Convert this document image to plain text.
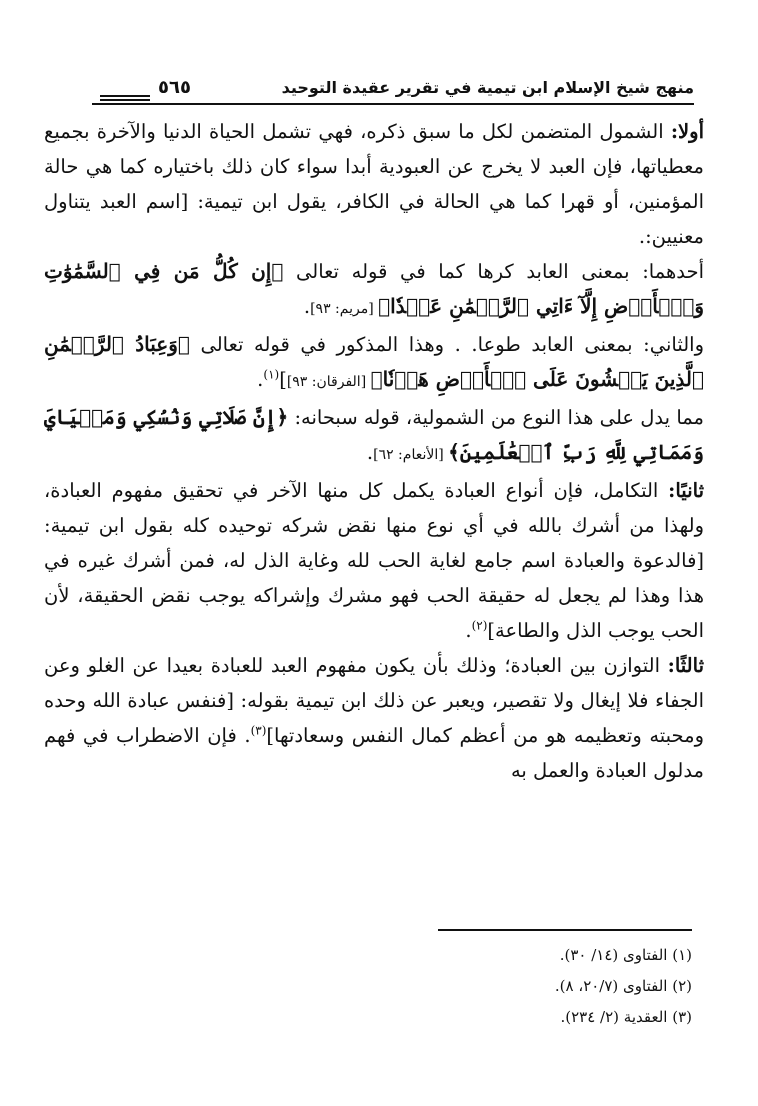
منهج شيخ الإسلام ابن تيمية في تقرير عقيدة التوحيد
٥٦٥

أولا: الشمول المتضمن لكل ما سبق ذكره، فهي تشمل الحياة الدنيا والآخرة بجميع معطياتها، فإن العبد لا يخرج عن العبودية أبدا سواء كان ذلك باختياره كما هي حالة المؤمنين، أو قهرا كما هي الحالة في الكافر، يقول ابن تيمية: [اسم العبد يتناول معنيين:.

أحدهما: بمعنى العابد كرها كما في قوله تعالى ﴿إِن كُلُّ مَن فِي ٱلسَّمَٰوَٰتِ وَٱلۡأَرۡضِ إِلَّآ ءَاتِي ٱلرَّحۡمَٰنِ عَبۡدٗا﴾ [مريم: ٩٣].

والثاني: بمعنى العابد طوعا. . وهذا المذكور في قوله تعالى ﴿وَعِبَادُ ٱلرَّحۡمَٰنِ ٱلَّذِينَ يَمۡشُونَ عَلَى ٱلۡأَرۡضِ هَوۡنٗا﴾ [الفرقان: ٩٣]]$^{(١)}$.

مما يدل على هذا النوع من الشمولية، قوله سبحانه: ﴿إِنَّ صَلَاتِي وَنُسُكِي وَمَحۡيَايَ وَمَمَاتِي لِلَّهِ رَبِّ ٱلۡعَٰلَمِينَ﴾ [الأنعام: ٦٢].

ثانيًا: التكامل، فإن أنواع العبادة يكمل كل منها الآخر في تحقيق مفهوم العبادة، ولهذا من أشرك بالله في أي نوع منها نقض شركه توحيده كله بقول ابن تيمية: [فالدعوة والعبادة اسم جامع لغاية الحب لله وغاية الذل له، فمن أشرك غيره في هذا وهذا لم يجعل له حقيقة الحب فهو مشرك وإشراكه يوجب نقض الحقيقة، لأن الحب يوجب الذل والطاعة]$^{(٢)}$.

ثالثًا: التوازن بين العبادة؛ وذلك بأن يكون مفهوم العبد للعبادة بعيدا عن الغلو وعن الجفاء فلا إيغال ولا تقصير، ويعبر عن ذلك ابن تيمية بقوله: [فنفس عبادة الله وحده ومحبته وتعظيمه هو من أعظم كمال النفس وسعادتها]$^{(٣)}$. فإن الاضطراب في فهم مدلول العبادة والعمل به

(١) الفتاوى (١٤/ ٣٠).
(٢) الفتاوى (٢٠/٧، ٨).
(٣) العقدية (٢/ ٢٣٤).
